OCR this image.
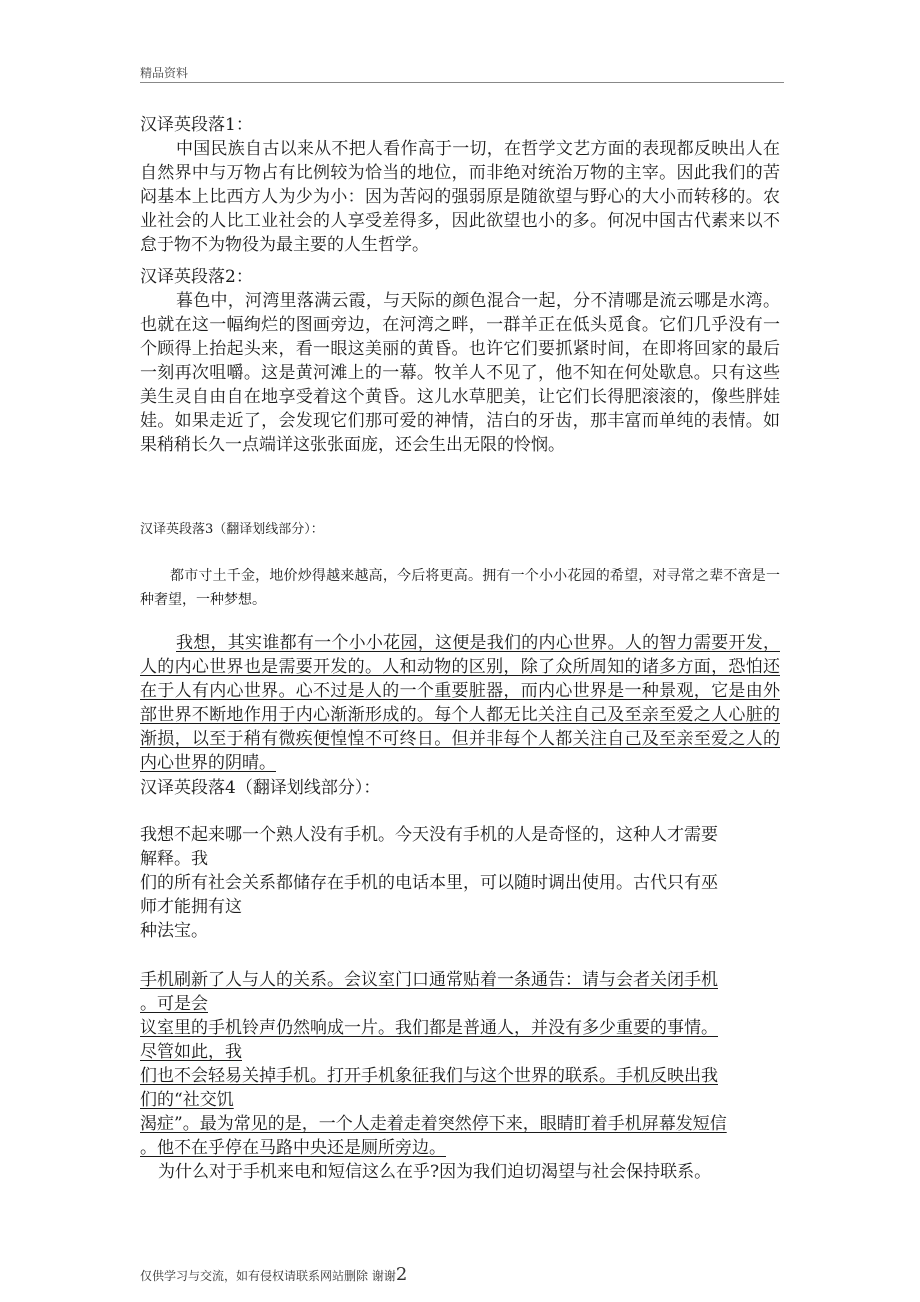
精品资料
汉译英段落1：
中国民族自古以来从不把人看作高于一切，在哲学文艺方面的表现都反映出人在自然界中与万物占有比例较为恰当的地位，而非绝对统治万物的主宰。因此我们的苦闷基本上比西方人为少为小：因为苦闷的强弱原是随欲望与野心的大小而转移的。农业社会的人比工业社会的人享受差得多，因此欲望也小的多。何况中国古代素来以不怠于物不为物役为最主要的人生哲学。
汉译英段落2：
暮色中，河湾里落满云霞，与天际的颜色混合一起，分不清哪是流云哪是水湾。也就在这一幅绚烂的图画旁边，在河湾之畔，一群羊正在低头觅食。它们几乎没有一个顾得上抬起头来，看一眼这美丽的黄昏。也许它们要抓紧时间，在即将回家的最后一刻再次咀嚼。这是黄河滩上的一幕。牧羊人不见了，他不知在何处歇息。只有这些美生灵自由自在地享受着这个黄昏。这儿水草肥美，让它们长得肥滚滚的，像些胖娃娃。如果走近了，会发现它们那可爱的神情，洁白的牙齿，那丰富而单纯的表情。如果稍稍长久一点端详这张张面庞，还会生出无限的怜悯。
汉译英段落3（翻译划线部分）：
都市寸土千金，地价炒得越来越高，今后将更高。拥有一个小小花园的希望，对寻常之辈不啻是一种奢望，一种梦想。
我想，其实谁都有一个小小花园，这便是我们的内心世界。人的智力需要开发，人的内心世界也是需要开发的。人和动物的区别，除了众所周知的诸多方面，恐怕还在于人有内心世界。心不过是人的一个重要脏器，而内心世界是一种景观，它是由外部世界不断地作用于内心渐渐形成的。每个人都无比关注自己及至亲至爱之人心脏的渐损，以至于稍有微疾便惶惶不可终日。但并非每个人都关注自己及至亲至爱之人的内心世界的阴晴。
汉译英段落4（翻译划线部分）：
我想不起来哪一个熟人没有手机。今天没有手机的人是奇怪的，这种人才需要
解释。我
们的所有社会关系都储存在手机的电话本里，可以随时调出使用。古代只有巫
师才能拥有这
种法宝。
手机刷新了人与人的关系。会议室门口通常贴着一条通告：请与会者关闭手机
。可是会
议室里的手机铃声仍然响成一片。我们都是普通人，并没有多少重要的事情。
尽管如此，我
们也不会轻易关掉手机。打开手机象征我们与这个世界的联系。手机反映出我
们的“社交饥
渴症”。最为常见的是，一个人走着走着突然停下来，眼睛盯着手机屏幕发短信
。他不在乎停在马路中央还是厕所旁边。
为什么对于手机来电和短信这么在乎?因为我们迫切渴望与社会保持联系。
仅供学习与交流，如有侵权请联系网站删除 谢谢2
